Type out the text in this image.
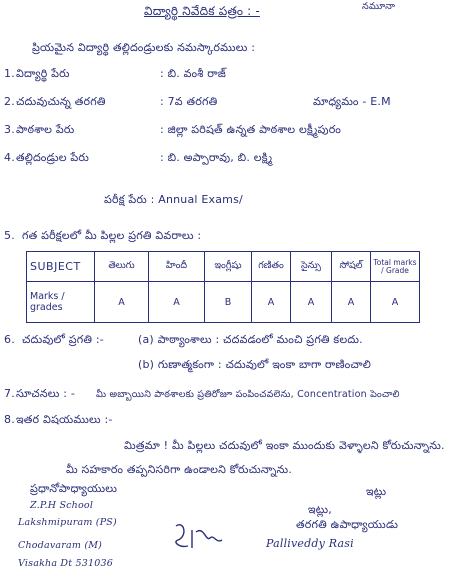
విద్యార్థి నివేదిక పత్రం : -	నమూనా
ప్రియమైన విద్యార్థి తల్లిదండ్రులకు నమస్కారములు :
1. విద్యార్థి పేరు	: బి. వంశీ రాజ్
2. చదువుచున్న తరగతి	: 7వ తరగతి	మాధ్యమం - E.M
3. పాఠశాల పేరు	: జిల్లా పరిషత్ ఉన్నత పాఠశాల లక్ష్మీపురం
4. తల్లిదండ్రుల పేరు	: బి. అప్పారావు, బి. లక్ష్మి
పరీక్ష పేరు : Annual Exams/
5. గత పరీక్షలలో మీ పిల్లల ప్రగతి వివరాలు :
SUBJECT	తెలుగు	హిందీ	ఇంగ్లీషు	గణితం	సైన్సు	సోషల్	Total marks / Grade
Marks / grades	A	A	B	A	A	A	A
6. చదువులో ప్రగతి :-	(a) పాఠ్యాంశాలు : చదవడంలో మంచి ప్రగతి కలదు.
(b) గుణాత్మకంగా : చదువులో ఇంకా బాగా రాణించాలి
7. సూచనలు : - మీ అబ్బాయిని పాఠశాలకు ప్రతిరోజూ పంపించవలెను, Concentration పెంచాలి
8. ఇతర విషయములు :-
మిత్రమా ! మీ పిల్లలు చదువులో ఇంకా ముందుకు వెళ్ళాలని కోరుచున్నాను.
మీ సహకారం తప్పనిసరిగా ఉండాలని కోరుచున్నాను.
ఇట్లు
ఇట్లు,
తరగతి ఉపాధ్యాయుడు
ప్రధానోపాధ్యాయులు
Z.P.H School
Lakshmipuram (PS)
Chodavaram (M)
Visakha Dt 531036
Palliveddy Rasi
